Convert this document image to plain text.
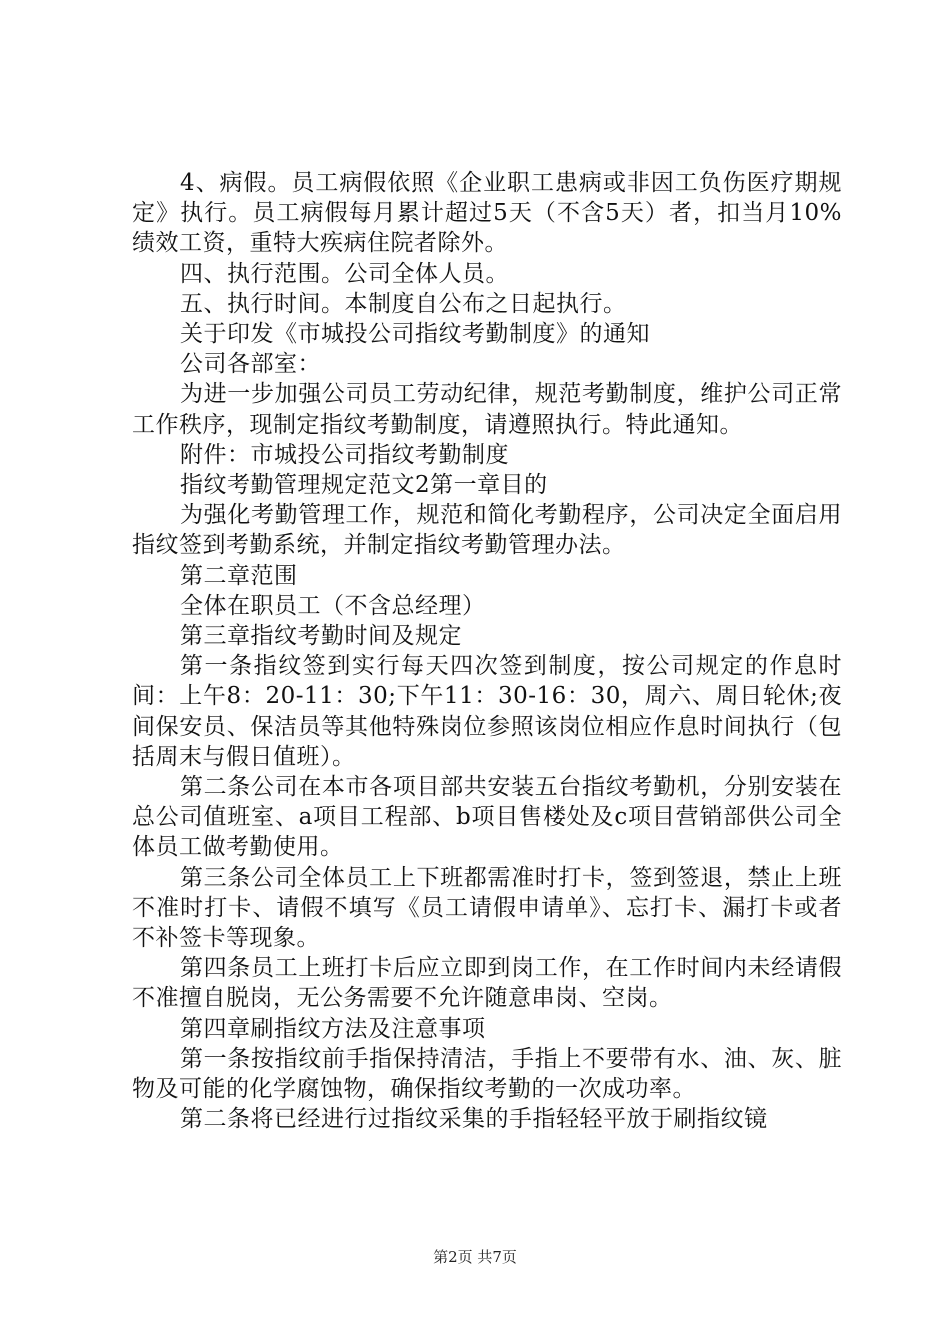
4、病假。员工病假依照《企业职工患病或非因工负伤医疗期规定》执行。员工病假每月累计超过5天（不含5天）者，扣当月10%绩效工资，重特大疾病住院者除外。

四、执行范围。公司全体人员。

五、执行时间。本制度自公布之日起执行。

关于印发《市城投公司指纹考勤制度》的通知

公司各部室：

为进一步加强公司员工劳动纪律，规范考勤制度，维护公司正常工作秩序，现制定指纹考勤制度，请遵照执行。特此通知。

附件：市城投公司指纹考勤制度

指纹考勤管理规定范文2第一章目的

为强化考勤管理工作，规范和简化考勤程序，公司决定全面启用指纹签到考勤系统，并制定指纹考勤管理办法。

第二章范围

全体在职员工（不含总经理）

第三章指纹考勤时间及规定

第一条指纹签到实行每天四次签到制度，按公司规定的作息时间：上午8：20-11：30;下午11：30-16：30，周六、周日轮休;夜间保安员、保洁员等其他特殊岗位参照该岗位相应作息时间执行（包括周末与假日值班）。

第二条公司在本市各项目部共安装五台指纹考勤机，分别安装在总公司值班室、a项目工程部、b项目售楼处及c项目营销部供公司全体员工做考勤使用。

第三条公司全体员工上下班都需准时打卡，签到签退，禁止上班不准时打卡、请假不填写《员工请假申请单》、忘打卡、漏打卡或者不补签卡等现象。

第四条员工上班打卡后应立即到岗工作，在工作时间内未经请假不准擅自脱岗，无公务需要不允许随意串岗、空岗。

第四章刷指纹方法及注意事项

第一条按指纹前手指保持清洁，手指上不要带有水、油、灰、脏物及可能的化学腐蚀物，确保指纹考勤的一次成功率。

第二条将已经进行过指纹采集的手指轻轻平放于刷指纹镜

第2页 共7页
